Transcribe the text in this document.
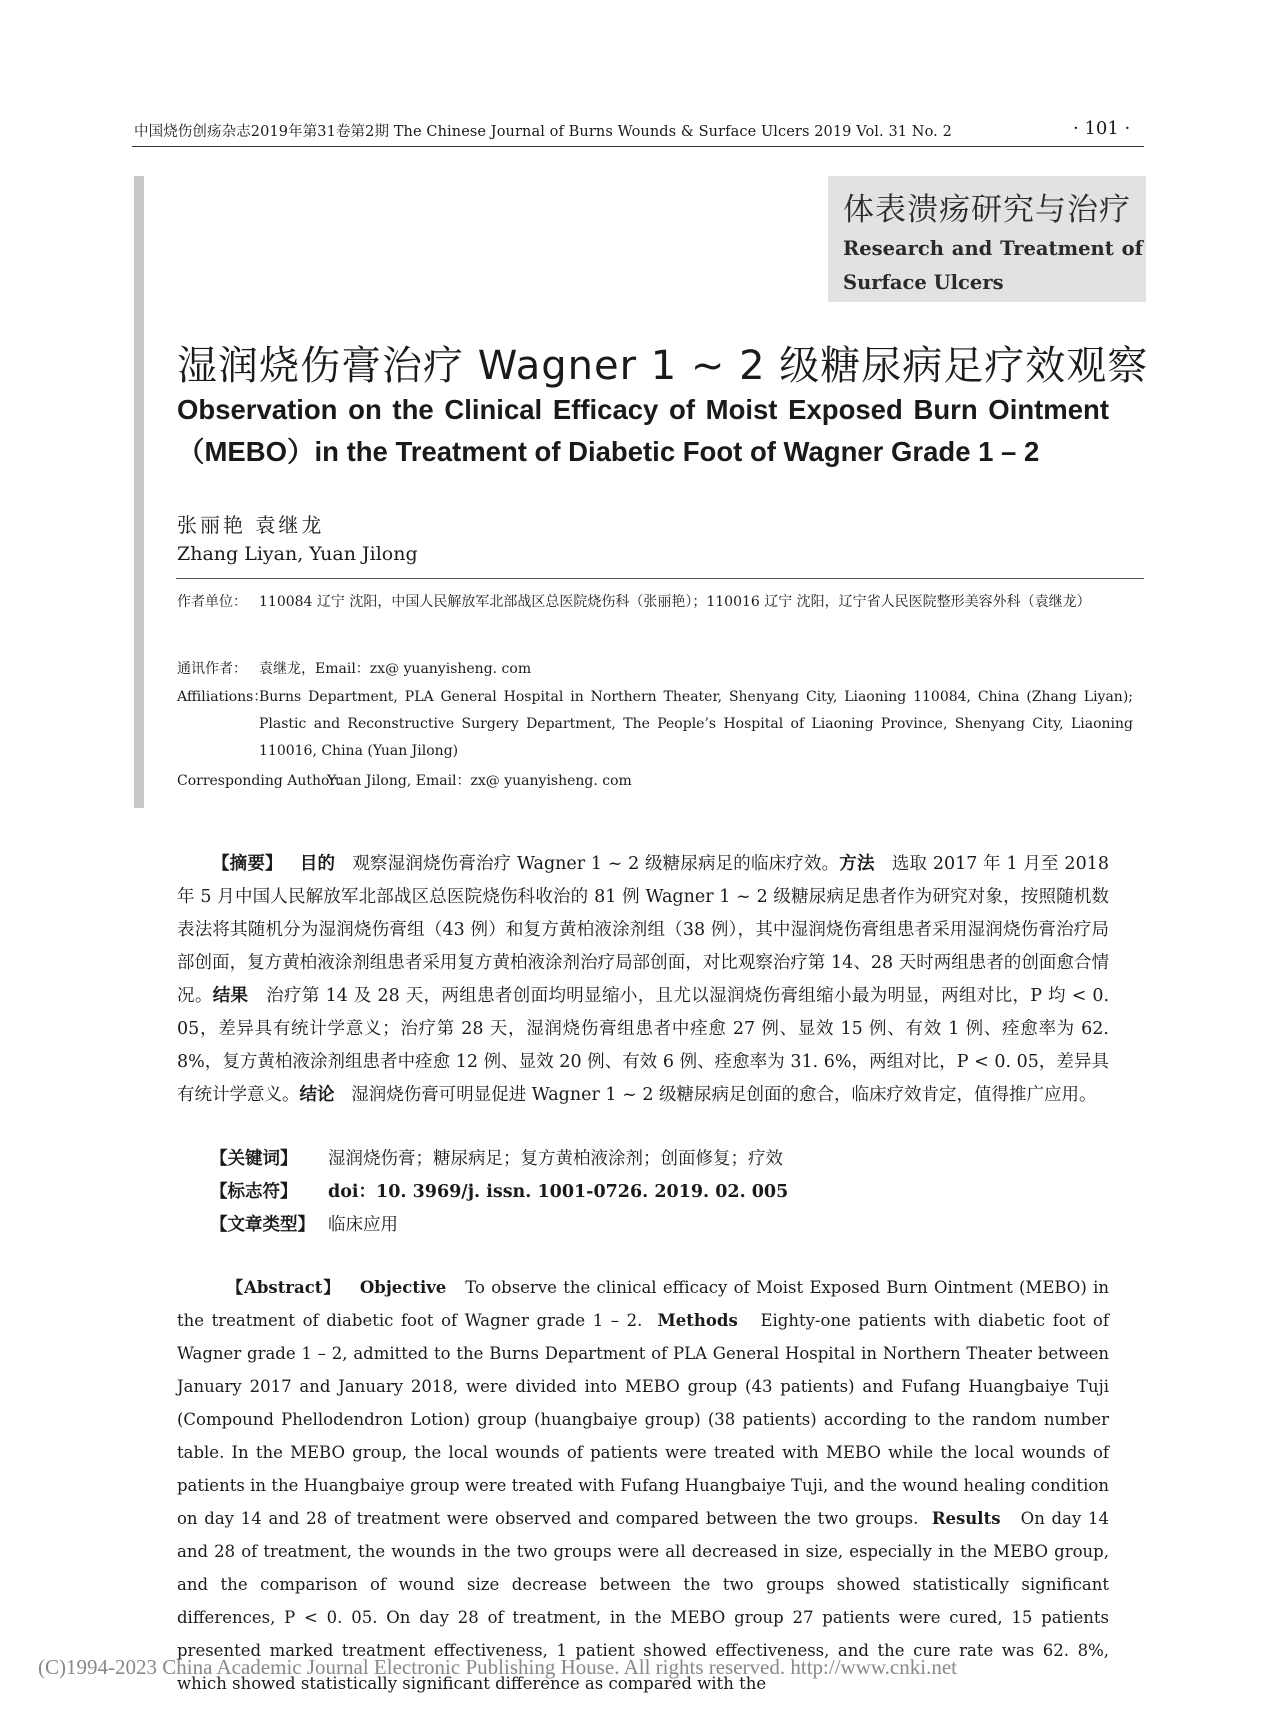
中国烧伤创疡杂志2019年第31卷第2期 The Chinese Journal of Burns Wounds & Surface Ulcers 2019 Vol. 31 No. 2	· 101 ·
体表溃疡研究与治疗
Research and Treatment of
Surface Ulcers
湿润烧伤膏治疗 Wagner 1 ~ 2 级糖尿病足疗效观察
Observation on the Clinical Efficacy of Moist Exposed Burn Ointment
（MEBO）in the Treatment of Diabetic Foot of Wagner Grade 1 – 2
张丽艳 袁继龙
Zhang Liyan, Yuan Jilong
作者单位： 110084 辽宁 沈阳，中国人民解放军北部战区总医院烧伤科（张丽艳）；110016 辽宁 沈阳，辽宁省人民医院整形美容外科（袁继龙）
通讯作者： 袁继龙，Email：zx@ yuanyisheng. com
Affiliations：
Burns Department, PLA General Hospital in Northern Theater, Shenyang City, Liaoning 110084, China (Zhang Liyan); Plastic and Reconstructive Surgery Department, The People’s Hospital of Liaoning Province, Shenyang City, Liaoning 110016, China (Yuan Jilong)
Corresponding Author：
Yuan Jilong, Email：zx@ yuanyisheng. com
【摘要】 目的 观察湿润烧伤膏治疗 Wagner 1 ~ 2 级糖尿病足的临床疗效。方法 选取 2017 年 1 月至 2018 年 5 月中国人民解放军北部战区总医院烧伤科收治的 81 例 Wagner 1 ~ 2 级糖尿病足患者作为研究对象，按照随机数表法将其随机分为湿润烧伤膏组（43 例）和复方黄柏液涂剂组（38 例），其中湿润烧伤膏组患者采用湿润烧伤膏治疗局部创面，复方黄柏液涂剂组患者采用复方黄柏液涂剂治疗局部创面，对比观察治疗第 14、28 天时两组患者的创面愈合情况。结果 治疗第 14 及 28 天，两组患者创面均明显缩小，且尤以湿润烧伤膏组缩小最为明显，两组对比，P 均 < 0. 05，差异具有统计学意义；治疗第 28 天，湿润烧伤膏组患者中痊愈 27 例、显效 15 例、有效 1 例、痊愈率为 62. 8%，复方黄柏液涂剂组患者中痊愈 12 例、显效 20 例、有效 6 例、痊愈率为 31. 6%，两组对比，P < 0. 05，差异具有统计学意义。结论 湿润烧伤膏可明显促进 Wagner 1 ~ 2 级糖尿病足创面的愈合，临床疗效肯定，值得推广应用。
【关键词】 湿润烧伤膏；糖尿病足；复方黄柏液涂剂；创面修复；疗效
【标志符】 doi：10. 3969/j. issn. 1001-0726. 2019. 02. 005
【文章类型】 临床应用
【Abstract】 Objective To observe the clinical efficacy of Moist Exposed Burn Ointment (MEBO) in the treatment of diabetic foot of Wagner grade 1 – 2. Methods Eighty-one patients with diabetic foot of Wagner grade 1 – 2, admitted to the Burns Department of PLA General Hospital in Northern Theater between January 2017 and January 2018, were divided into MEBO group (43 patients) and Fufang Huangbaiye Tuji (Compound Phellodendron Lotion) group (huangbaiye group) (38 patients) according to the random number table. In the MEBO group, the local wounds of patients were treated with MEBO while the local wounds of patients in the Huangbaiye group were treated with Fufang Huangbaiye Tuji, and the wound healing condition on day 14 and 28 of treatment were observed and compared between the two groups. Results On day 14 and 28 of treatment, the wounds in the two groups were all decreased in size, especially in the MEBO group, and the comparison of wound size decrease between the two groups showed statistically significant differences, P < 0. 05. On day 28 of treatment, in the MEBO group 27 patients were cured, 15 patients presented marked treatment effectiveness, 1 patient showed effectiveness, and the cure rate was 62. 8%, which showed statistically significant difference as compared with the
(C)1994-2023 China Academic Journal Electronic Publishing House. All rights reserved. http://www.cnki.net
